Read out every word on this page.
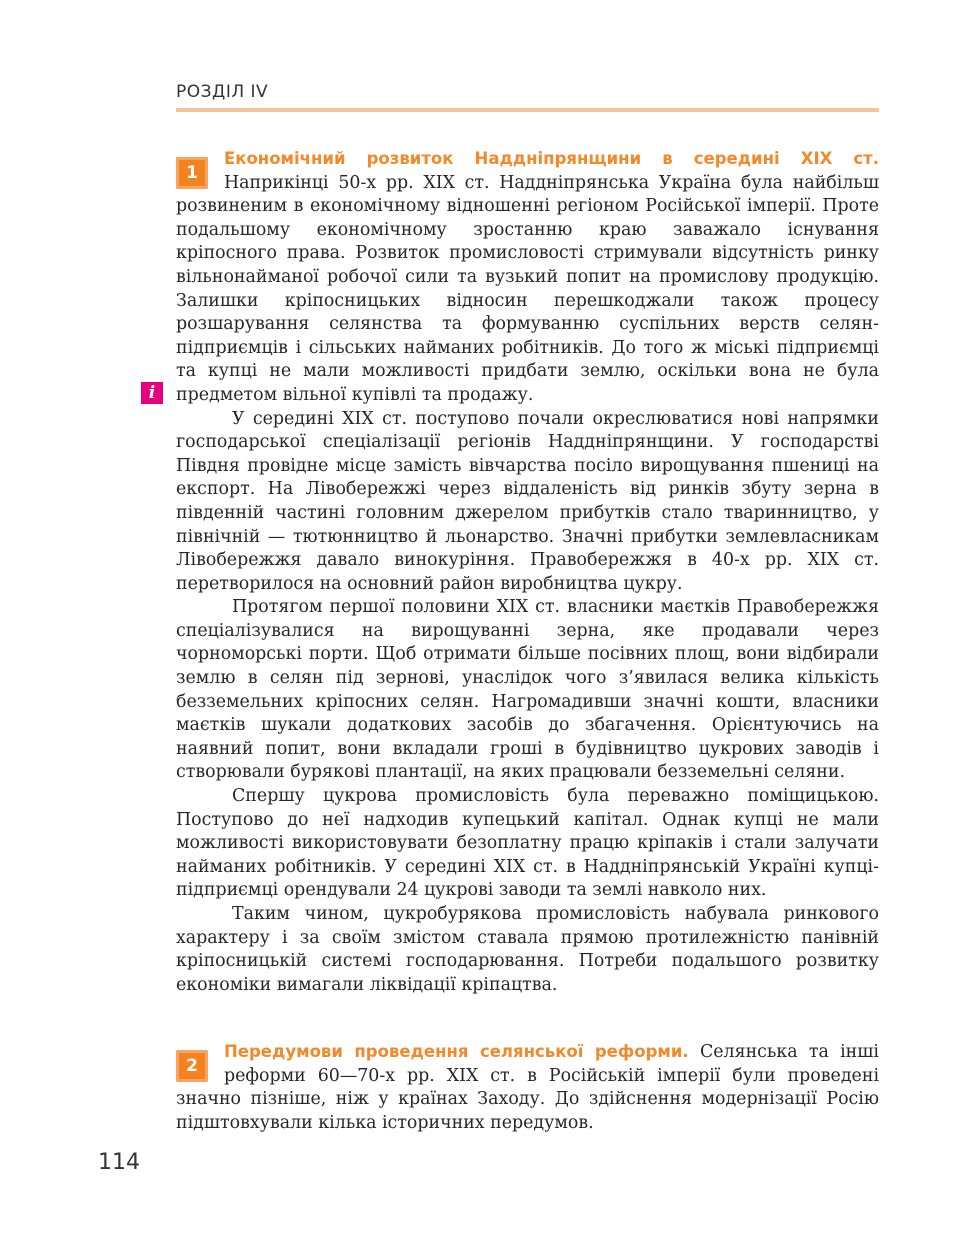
РОЗДІЛ IV
i
1

Економічний розвиток Наддніпрянщини в середині XIX ст. Наприкінці 50-х рр. XIX ст. Наддніпрянська Україна була найбільш розвиненим в економічному відношенні регіоном Російської імперії. Проте подальшому економічному зростанню краю заважало існування кріпосного права. Розвиток промисловості стримували відсутність ринку вільнонайманої робочої сили та вузький попит на промислову продукцію. Залишки кріпосницьких відносин перешкоджали також процесу розшарування селянства та формуванню суспільних верств селян-підприємців і сільських найманих робітників. До того ж міські підприємці та купці не мали можливості придбати землю, оскільки вона не була предметом вільної купівлі та продажу.

У середині XIX ст. поступово почали окреслюватися нові напрямки господарської спеціалізації регіонів Наддніпрянщини. У господарстві Півдня провідне місце замість вівчарства посіло вирощування пшениці на експорт. На Лівобережжі через віддаленість від ринків збуту зерна в південній частині головним джерелом прибутків стало тваринництво, у північній — тютюнництво й льонарство. Значні прибутки землевласникам Лівобережжя давало винокуріння. Правобережжя в 40-х рр. XIX ст. перетворилося на основний район виробництва цукру.

Протягом першої половини XIX ст. власники маєтків Правобережжя спеціалізувалися на вирощуванні зерна, яке продавали через чорноморські порти. Щоб отримати більше посівних площ, вони відбирали землю в селян під зернові, унаслідок чого з’явилася велика кількість безземельних кріпосних селян. Нагромадивши значні кошти, власники маєтків шукали додаткових засобів до збагачення. Орієнтуючись на наявний попит, вони вкладали гроші в будівництво цукрових заводів і створювали бурякові плантації, на яких працювали безземельні селяни.

Спершу цукрова промисловість була переважно поміщицькою. Поступово до неї надходив купецький капітал. Однак купці не мали можливості використовувати безоплатну працю кріпаків і стали залучати найманих робітників. У середині XIX ст. в Наддніпрянській Україні купці-підприємці орендували 24 цукрові заводи та землі навколо них.

Таким чином, цукробурякова промисловість набувала ринкового характеру і за своїм змістом ставала прямою протилежністю панівній кріпосницькій системі господарювання. Потреби подальшого розвитку економіки вимагали ліквідації кріпацтва.

2

Передумови проведення селянської реформи. Селянська та інші реформи 60—70-х рр. XIX ст. в Російській імперії були проведені значно пізніше, ніж у країнах Заходу. До здійснення модернізації Росію підштовхували кілька історичних передумов.

114
